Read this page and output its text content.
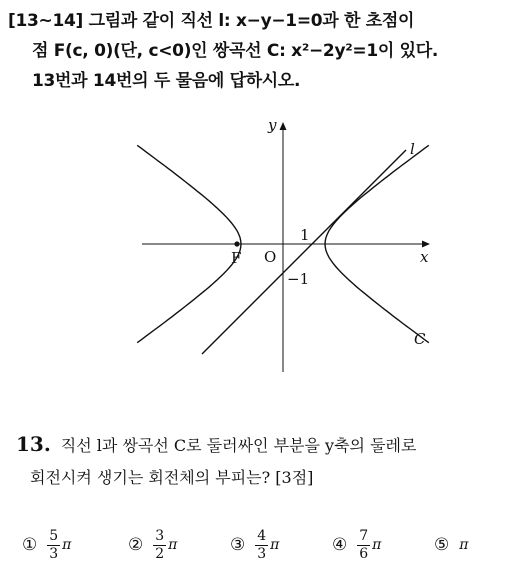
[13~14] 그림과 같이 직선 l: x−y−1=0과 한 초점이
점 F(c, 0)(단, c<0)인 쌍곡선 C: x²−2y²=1이 있다.
13번과 14번의 두 물음에 답하시오.
y
x
O
F
1
−1
l
C
13. 직선 l과 쌍곡선 C로 둘러싸인 부분을 y축의 둘레로
회전시켜 생기는 회전체의 부피는? [3점]
① $\frac{5}{3}$ π	② $\frac{3}{2}$ π	③ $\frac{4}{3}$ π	④ $\frac{7}{6}$ π	⑤ π
